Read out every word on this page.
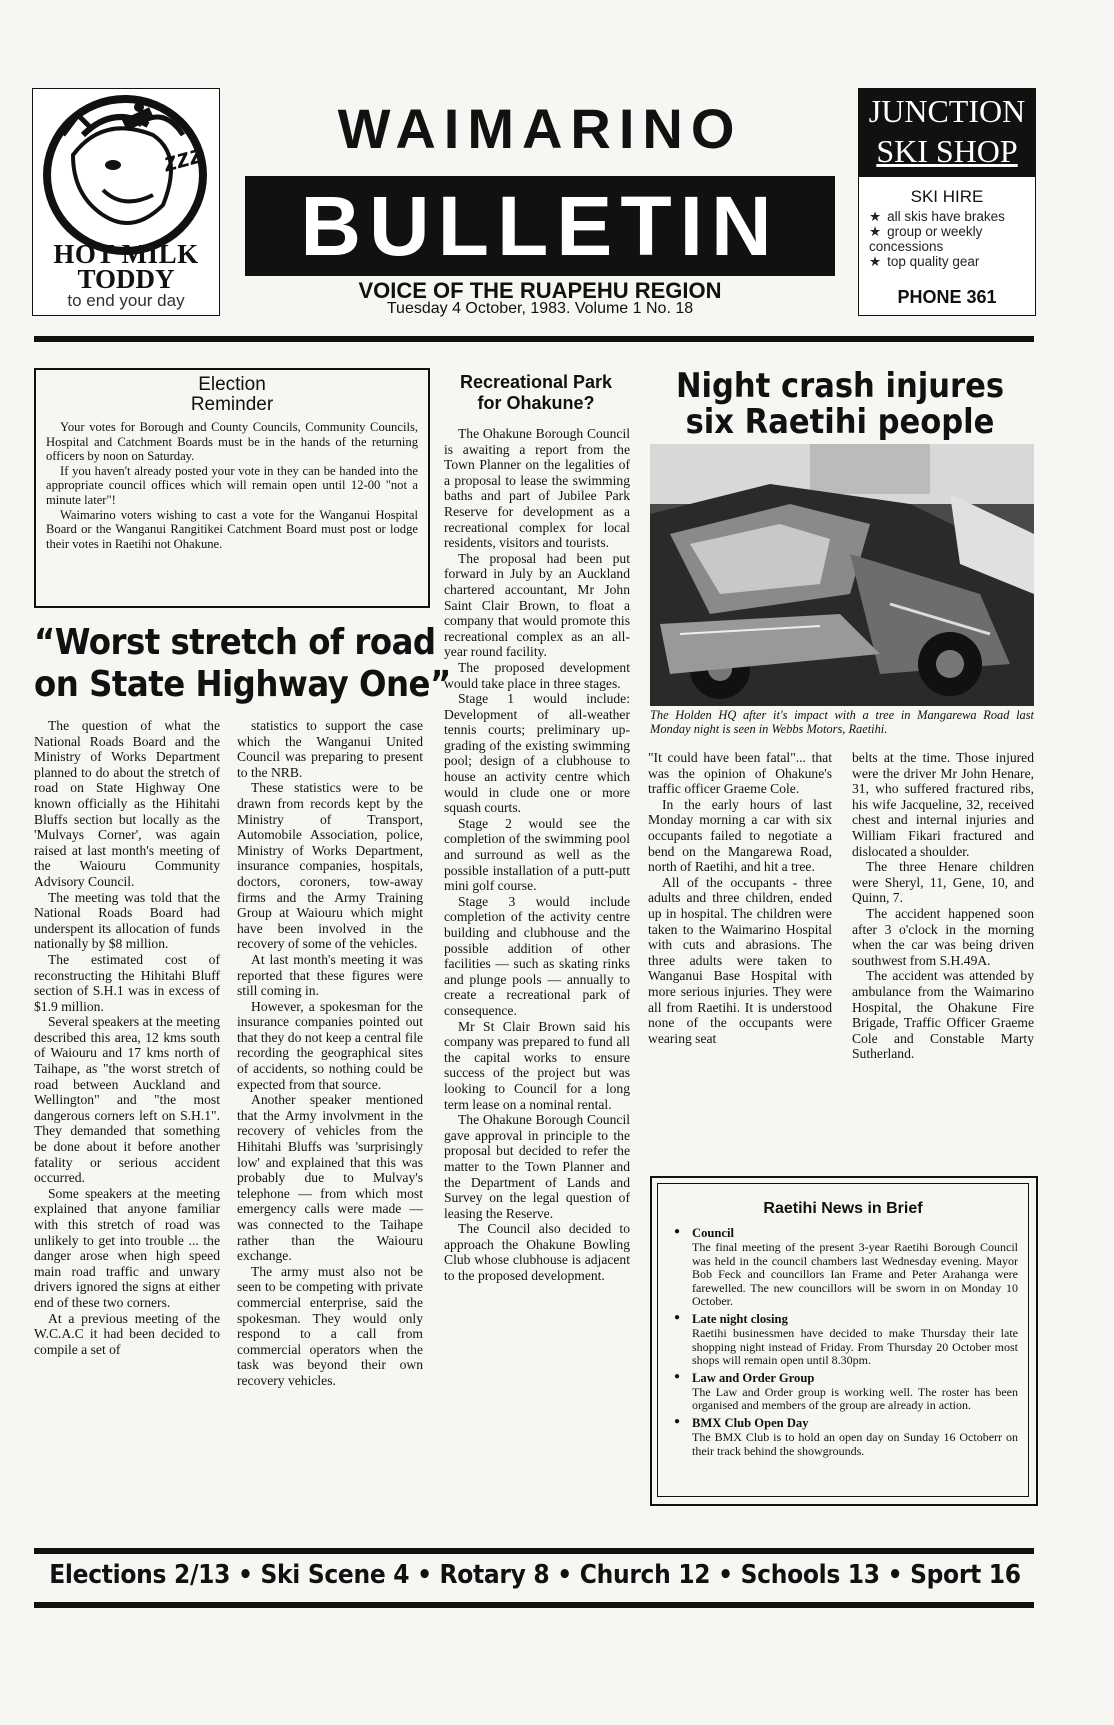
zzz
HOT MILK
TODDY
to end your day
WAIMARINO
BULLETIN
VOICE OF THE RUAPEHU REGION
Tuesday 4 October, 1983. Volume 1 No. 18
JUNCTION
SKI SHOP
SKI HIRE
★ all skis have brakes
★ group or weekly concessions
★ top quality gear
PHONE 361
Election
Reminder

Your votes for Borough and County Councils, Community Councils, Hospital and Catchment Boards must be in the hands of the returning officers by noon on Saturday.

If you haven't already posted your vote in they can be handed into the appropriate council offices which will remain open until 12-00 "not a minute later"!

Waimarino voters wishing to cast a vote for the Wanganui Hospital Board or the Wanganui Rangitikei Catchment Board must post or lodge their votes in Raetihi not Ohakune.

“Worst stretch of road
on State Highway One”

The question of what the National Roads Board and the Ministry of Works Department planned to do about the stretch of road on State Highway One known officially as the Hihitahi Bluffs section but locally as the 'Mulvays Corner', was again raised at last month's meeting of the Waiouru Community Advisory Council.

The meeting was told that the National Roads Board had underspent its allocation of funds nationally by $8 million.

The estimated cost of reconstructing the Hihitahi Bluff section of S.H.1 was in excess of $1.9 million.

Several speakers at the meeting described this area, 12 kms south of Waiouru and 17 kms north of Taihape, as "the worst stretch of road between Auckland and Wellington" and "the most dangerous corners left on S.H.1". They demanded that something be done about it before another fatality or serious accident occurred.

Some speakers at the meeting explained that anyone familiar with this stretch of road was unlikely to get into trouble ... the danger arose when high speed main road traffic and unwary drivers ignored the signs at either end of these two corners.

At a previous meeting of the W.C.A.C it had been decided to compile a set of

statistics to support the case which the Wanganui United Council was preparing to present to the NRB.

These statistics were to be drawn from records kept by the Ministry of Transport, Automobile Association, police, Ministry of Works Department, insurance companies, hospitals, doctors, coroners, tow-away firms and the Army Training Group at Waiouru which might have been involved in the recovery of some of the vehicles.

At last month's meeting it was reported that these figures were still coming in.

However, a spokesman for the insurance companies pointed out that they do not keep a central file recording the geographical sites of accidents, so nothing could be expected from that source.

Another speaker mentioned that the Army involvment in the recovery of vehicles from the Hihitahi Bluffs was 'surprisingly low' and explained that this was probably due to Mulvay's telephone — from which most emergency calls were made — was connected to the Taihape rather than the Waiouru exchange.

The army must also not be seen to be competing with private commercial enterprise, said the spokesman. They would only respond to a call from commercial operators when the task was beyond their own recovery vehicles.

Recreational Park
for Ohakune?

The Ohakune Borough Council is awaiting a report from the Town Planner on the legalities of a proposal to lease the swimming baths and part of Jubilee Park Reserve for development as a recreational complex for local residents, visitors and tourists.

The proposal had been put forward in July by an Auckland chartered accountant, Mr John Saint Clair Brown, to float a company that would promote this recreational complex as an all-year round facility.

The proposed development would take place in three stages.

Stage 1 would include: Development of all-weather tennis courts; preliminary up-grading of the existing swimming pool; design of a clubhouse to house an activity centre which would in clude one or more squash courts.

Stage 2 would see the completion of the swimming pool and surround as well as the possible installation of a putt-putt mini golf course.

Stage 3 would include completion of the activity centre building and clubhouse and the possible addition of other facilities — such as skating rinks and plunge pools — annually to create a recreational park of consequence.

Mr St Clair Brown said his company was prepared to fund all the capital works to ensure success of the project but was looking to Council for a long term lease on a nominal rental.

The Ohakune Borough Council gave approval in principle to the proposal but decided to refer the matter to the Town Planner and the Department of Lands and Survey on the legal question of leasing the Reserve.

The Council also decided to approach the Ohakune Bowling Club whose clubhouse is adjacent to the proposed development.

Night crash injures
six Raetihi people
The Holden HQ after it's impact with a tree in Mangarewa Road last Monday night is seen in Webbs Motors, Raetihi.

"It could have been fatal"... that was the opinion of Ohakune's traffic officer Graeme Cole.

In the early hours of last Monday morning a car with six occupants failed to negotiate a bend on the Mangarewa Road, north of Raetihi, and hit a tree.

All of the occupants - three adults and three children, ended up in hospital. The children were taken to the Waimarino Hospital with cuts and abrasions. The three adults were taken to Wanganui Base Hospital with more serious injuries. They were all from Raetihi. It is understood none of the occupants were wearing seat

belts at the time. Those injured were the driver Mr John Henare, 31, who suffered fractured ribs, his wife Jacqueline, 32, received chest and internal injuries and William Fikari fractured and dislocated a shoulder.

The three Henare children were Sheryl, 11, Gene, 10, and Quinn, 7.

The accident happened soon after 3 o'clock in the morning when the car was being driven southwest from S.H.49A.

The accident was attended by ambulance from the Waimarino Hospital, the Ohakune Fire Brigade, Traffic Officer Graeme Cole and Constable Marty Sutherland.

Raetihi News in Brief
● Council
The final meeting of the present 3-year Raetihi Borough Council was held in the council chambers last Wednesday evening. Mayor Bob Feck and councillors Ian Frame and Peter Arahanga were farewelled. The new councillors will be sworn in on Monday 10 October.
● Late night closing
Raetihi businessmen have decided to make Thursday their late shopping night instead of Friday. From Thursday 20 October most shops will remain open until 8.30pm.
● Law and Order Group
The Law and Order group is working well. The roster has been organised and members of the group are already in action.
● BMX Club Open Day
The BMX Club is to hold an open day on Sunday 16 Octoberr on their track behind the showgrounds.
Elections 2/13 • Ski Scene 4 • Rotary 8 • Church 12 • Schools 13 • Sport 16
